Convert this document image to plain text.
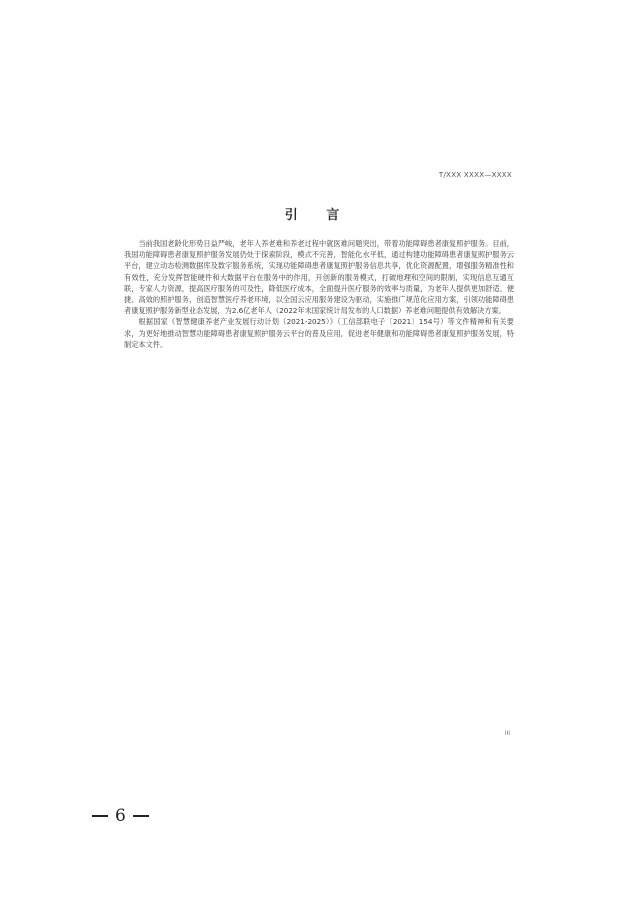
T/XXX XXXX—XXXX
引 言

当前我国老龄化形势日益严峻，老年人养老难和养老过程中就医难问题突出，带着功能障碍患者康复照护服务。目前，我国功能障碍患者康复照护服务发展仍处于探索阶段，模式不完善，智能化水平低，通过构建功能障碍患者康复照护服务云平台，建立动态检测数据库及数字服务系统，实现功能障碍患者康复照护服务信息共享，优化资源配置，增强服务精准性和有效性，充分发挥智能硬件和大数据平台在服务中的作用，开创新的服务模式，打破地理和空间的限制，实现信息互通互联，专家人力资源，提高医疗服务的可及性，降低医疗成本，全面提升医疗服务的效率与质量，为老年人提供更加舒适、便捷、高效的照护服务，创造智慧医疗养老环境，以全国云应用服务建设为驱动，实施推广规范化应用方案，引领功能障碍患者康复照护服务新型业态发展，为2.6亿老年人（2022年末国家统计局发布的人口数据）养老难问题提供有效解决方案。

根据国家《智慧健康养老产业发展行动计划（2021-2025）》（工信部联电子〔2021〕154号）等文件精神和有关要求，为更好地推动智慧功能障碍患者康复照护服务云平台的普及应用，促进老年健康和功能障碍患者康复照护服务发展，特制定本文件。

III
6
